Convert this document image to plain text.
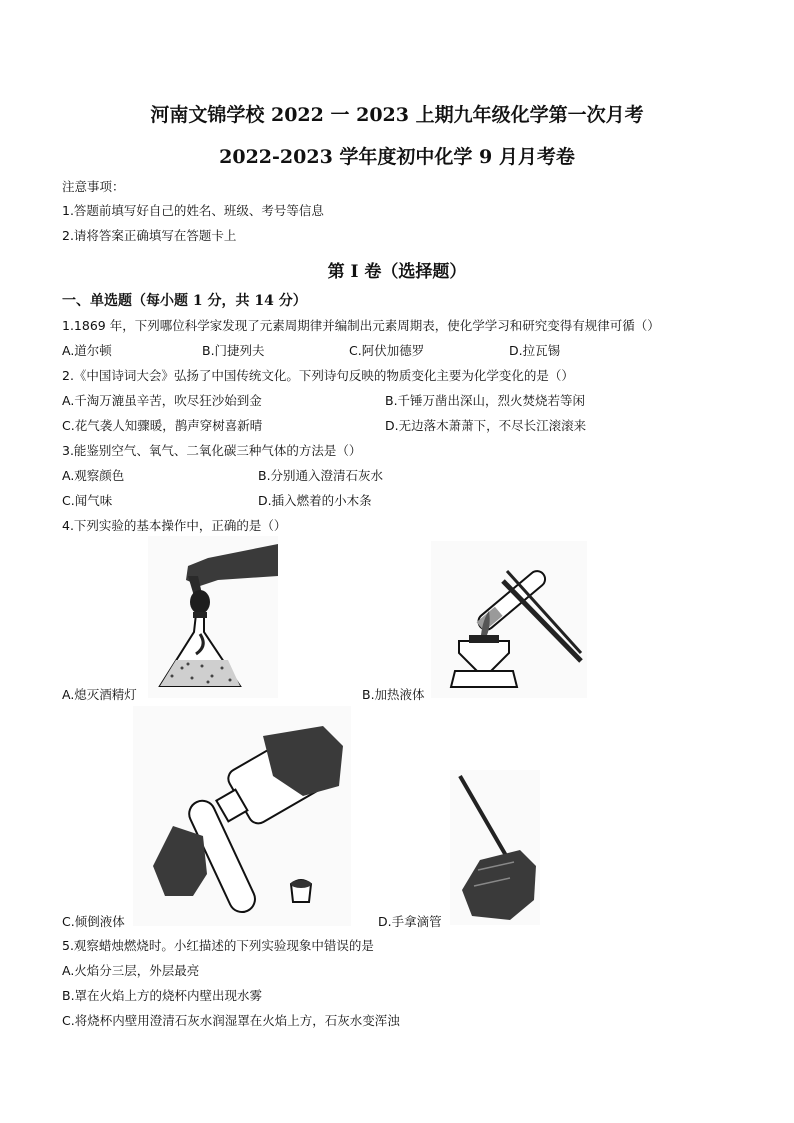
河南文锦学校 2022 一 2023 上期九年级化学第一次月考
2022-2023 学年度初中化学 9 月月考卷
注意事项：
1.答题前填写好自己的姓名、班级、考号等信息
2.请将答案正确填写在答题卡上
第 I 卷（选择题）
一、单选题（每小题 1 分，共 14 分）
1.1869 年，下列哪位科学家发现了元素周期律并编制出元素周期表，使化学学习和研究变得有规律可循（）
A.道尔顿	B.门捷列夫	C.阿伏加德罗	D.拉瓦锡
2.《中国诗词大会》弘扬了中国传统文化。下列诗句反映的物质变化主要为化学变化的是（）
A.千淘万漉虽辛苦，吹尽狂沙始到金	B.千锤万凿出深山，烈火焚烧若等闲
C.花气袭人知骤暖，鹊声穿树喜新晴	D.无边落木萧萧下，不尽长江滚滚来
3.能鉴别空气、氧气、二氧化碳三种气体的方法是（）
A.观察颜色	B.分别通入澄清石灰水
C.闻气味	D.插入燃着的小木条
4.下列实验的基本操作中，正确的是（）
A.熄灭酒精灯	B.加热液体
C.倾倒液体	D.手拿滴管
5.观察蜡烛燃烧时。小红描述的下列实验现象中错误的是
A.火焰分三层，外层最亮
B.罩在火焰上方的烧杯内壁出现水雾
C.将烧杯内壁用澄清石灰水润湿罩在火焰上方，石灰水变浑浊
